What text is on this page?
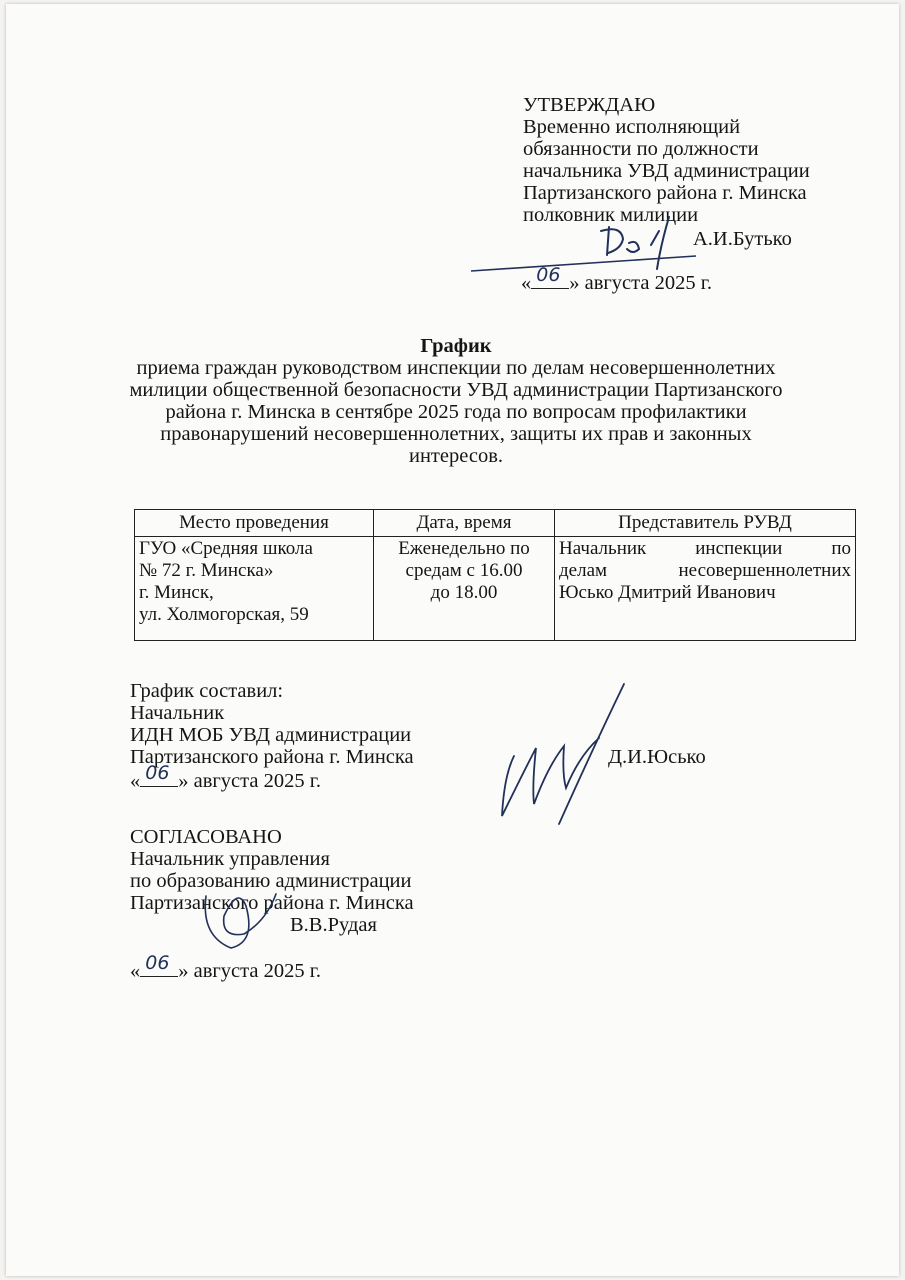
УТВЕРЖДАЮ
Временно исполняющий
обязанности по должности
начальника УВД администрации
Партизанского района г. Минска
полковник милиции
А.И.Бутько
« 06 » августа 2025 г.
График
приема граждан руководством инспекции по делам несовершеннолетних
милиции общественной безопасности УВД администрации Партизанского
района г. Минска в сентябре 2025 года по вопросам профилактики
правонарушений несовершеннолетних, защиты их прав и законных
интересов.
Место проведения	Дата, время	Представитель РУВД

ГУО «Средняя школа
№ 72 г. Минска»
г. Минск,
ул. Холмогорская, 59	Еженедельно по
средам с 16.00
до 18.00	Начальник инспекции по
делам несовершеннолетних
Юсько Дмитрий Иванович
График составил:
Начальник
ИДН МОБ УВД администрации
Партизанского района г. Минска
« 06 » августа 2025 г.
Д.И.Юсько
СОГЛАСОВАНО
Начальник управления
по образованию администрации
Партизанского района г. Минска
В.В.Рудая
« 06 » августа 2025 г.
